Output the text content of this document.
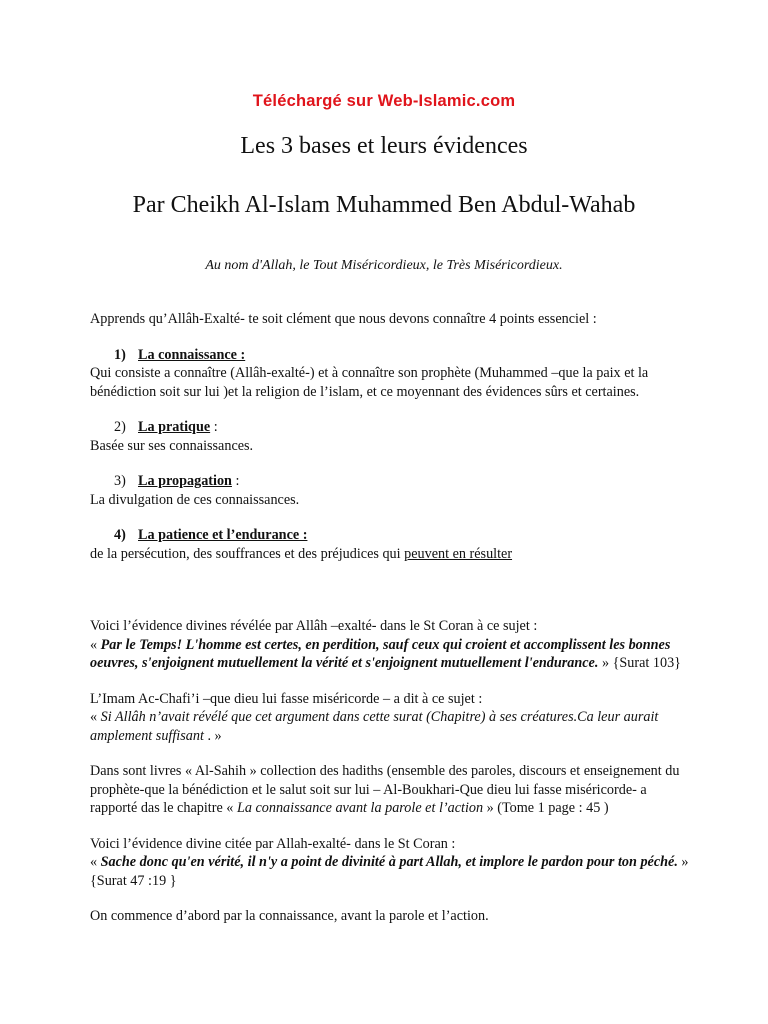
Téléchargé sur Web-Islamic.com
Les 3 bases et leurs évidences
Par Cheikh Al-Islam Muhammed Ben Abdul-Wahab
Au nom d'Allah, le Tout Miséricordieux, le Très Miséricordieux.

Apprends qu’Allâh-Exalté- te soit clément que nous devons connaître 4 points essenciel :

1) La connaissance :

Qui consiste a connaître (Allâh-exalté-) et à connaître son prophète (Muhammed –que la paix et la bénédiction soit sur lui )et la religion de l’islam, et ce moyennant des évidences sûrs et certaines.

2) La pratique :

Basée sur ses connaissances.

3) La propagation :

La divulgation de ces connaissances.

4) La patience et l’endurance :

de la persécution, des souffrances et des préjudices qui peuvent en résulter

Voici l’évidence divines révélée par Allâh –exalté- dans le St Coran à ce sujet :
« Par le Temps! L'homme est certes, en perdition, sauf ceux qui croient et accomplissent les bonnes oeuvres, s'enjoignent mutuellement la vérité et s'enjoignent mutuellement l'endurance. » {Surat 103}

L’Imam Ac-Chafi’i –que dieu lui fasse miséricorde – a dit à ce sujet :
« Si Allâh n’avait révélé que cet argument dans cette surat (Chapitre) à ses créatures.Ca leur aurait amplement suffisant . »

Dans sont livres « Al-Sahih » collection des hadiths (ensemble des paroles, discours et enseignement du prophète-que la bénédiction et le salut soit sur lui – Al-Boukhari-Que dieu lui fasse miséricorde- a rapporté das le chapitre « La connaissance avant la parole et l’action » (Tome 1 page : 45 )

Voici l’évidence divine citée par Allah-exalté- dans le St Coran :
« Sache donc qu'en vérité, il n'y a point de divinité à part Allah, et implore le pardon pour ton péché. » {Surat 47 :19 }

On commence d’abord par la connaissance, avant la parole et l’action.
